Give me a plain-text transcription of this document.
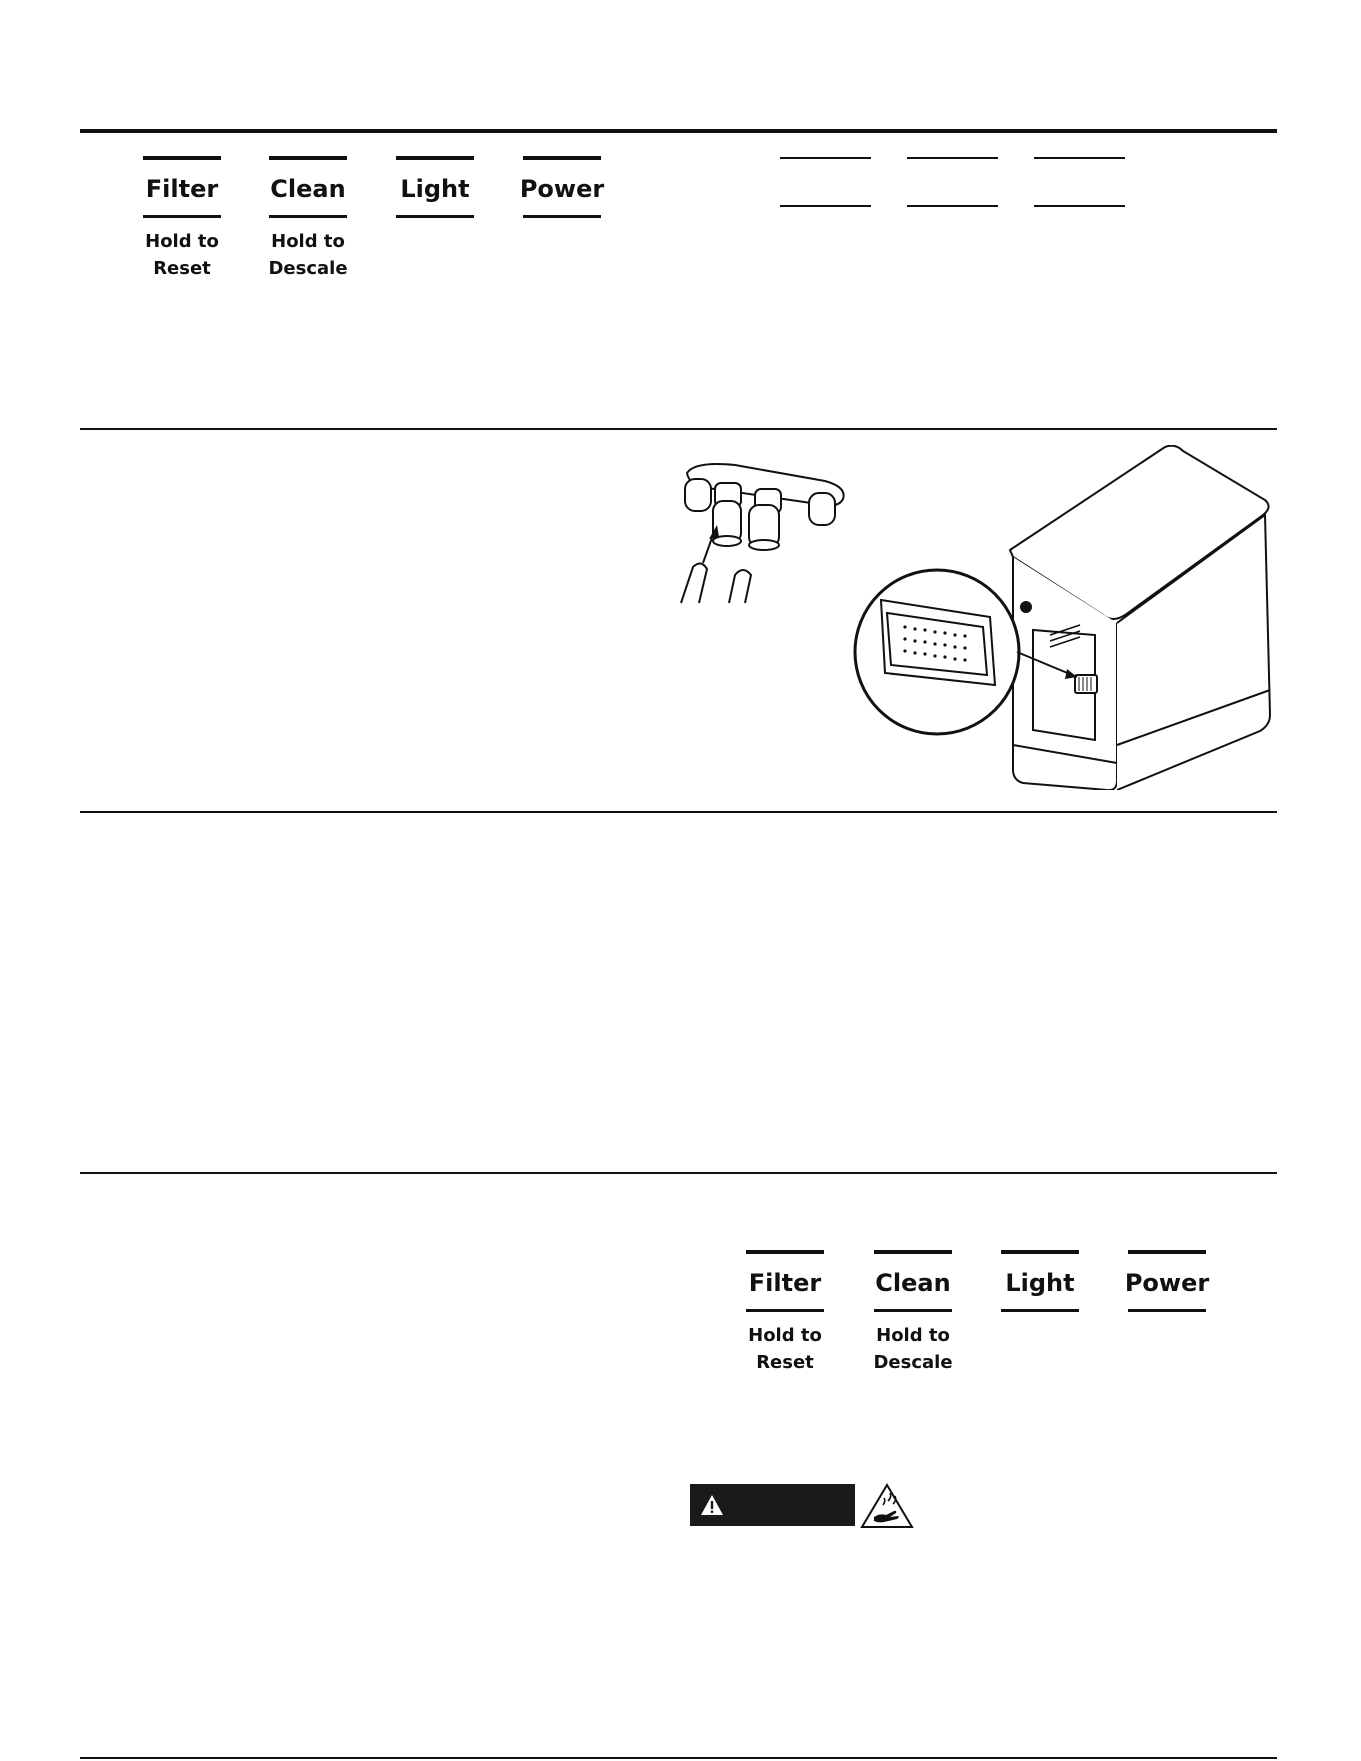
Filter
Hold to
Reset
Clean
Hold to
Descale
Light	Power
Filter
Hold to
Reset
Clean
Hold to
Descale
Light	Power
